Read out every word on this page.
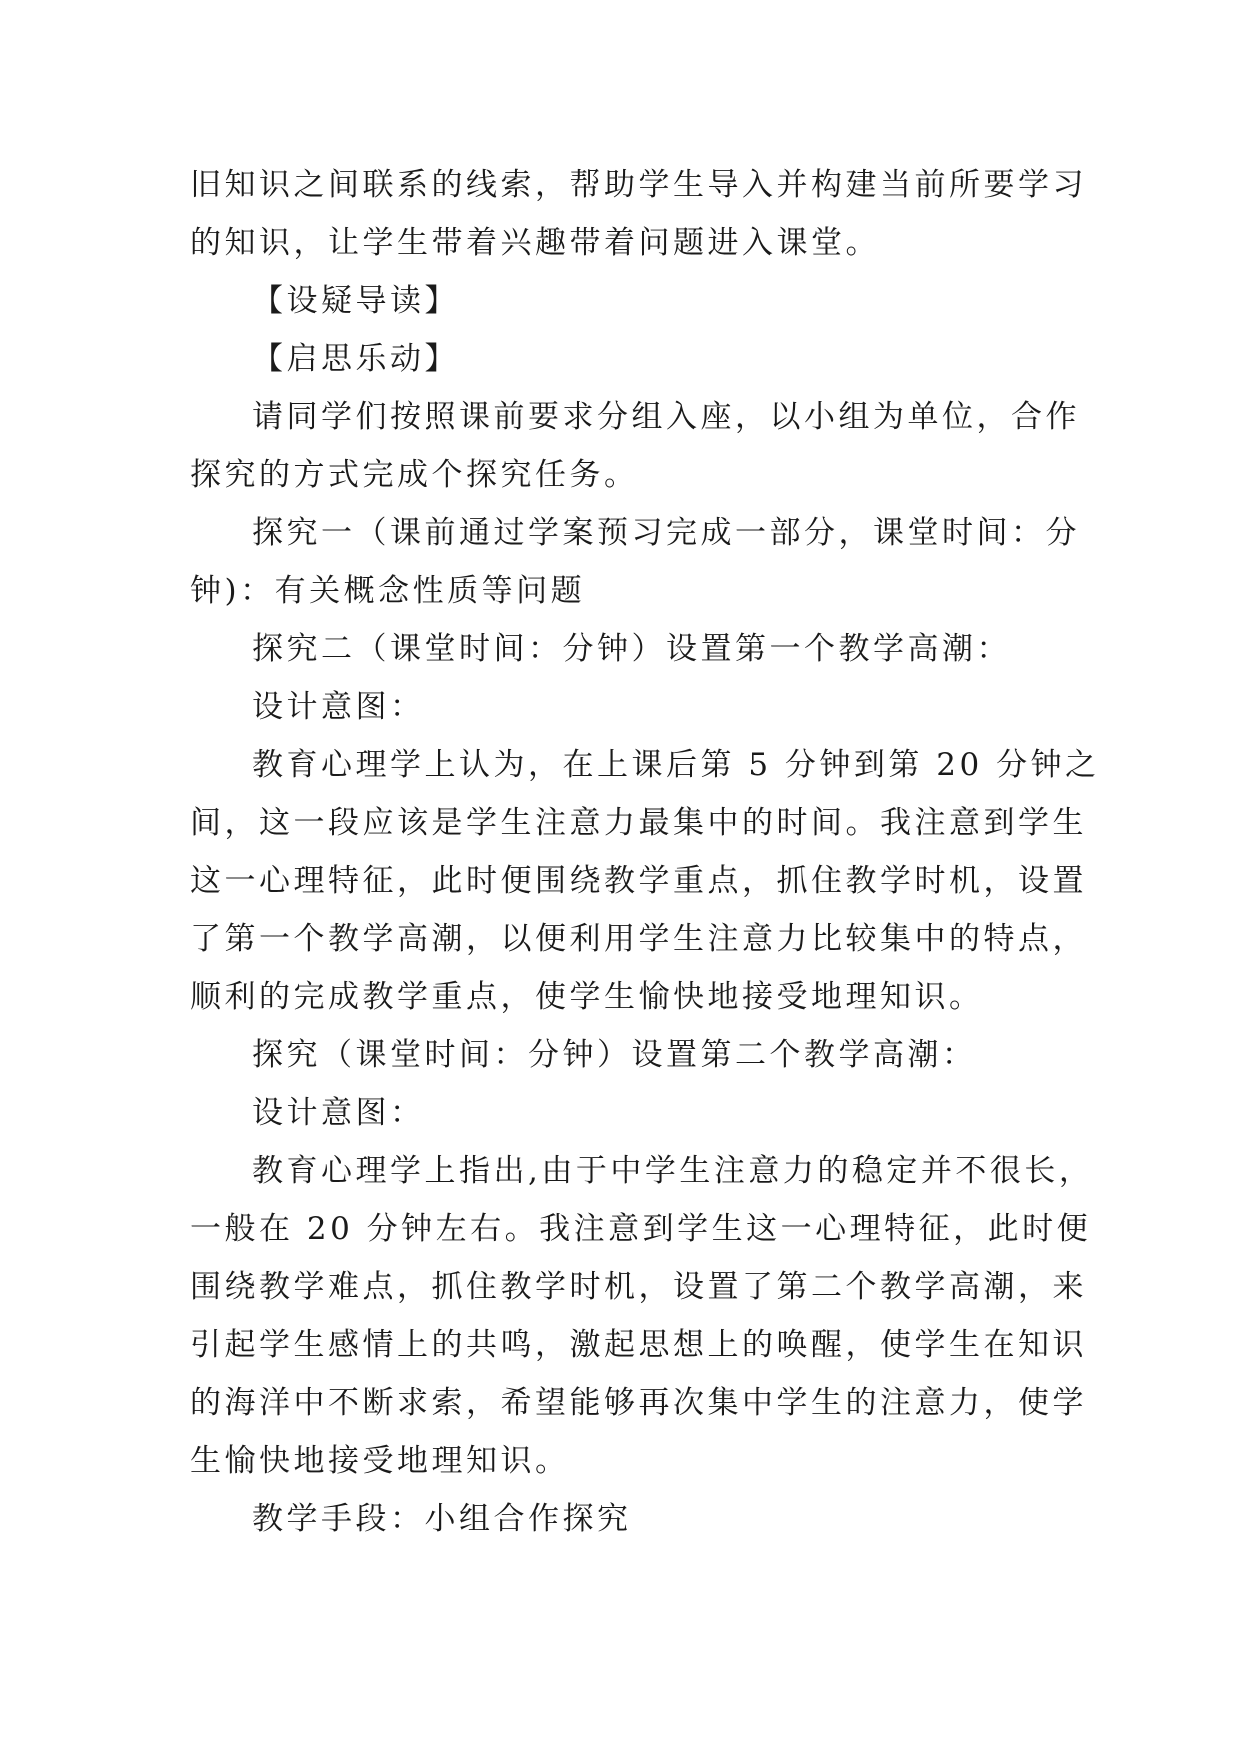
旧知识之间联系的线索，帮助学生导入并构建当前所要学习
的知识，让学生带着兴趣带着问题进入课堂。
【设疑导读】
【启思乐动】
请同学们按照课前要求分组入座，以小组为单位，合作
探究的方式完成个探究任务。
探究一（课前通过学案预习完成一部分，课堂时间：分
钟)：有关概念性质等问题
探究二（课堂时间：分钟）设置第一个教学高潮：
设计意图：
教育心理学上认为，在上课后第 5 分钟到第 20 分钟之
间，这一段应该是学生注意力最集中的时间。我注意到学生
这一心理特征，此时便围绕教学重点，抓住教学时机，设置
了第一个教学高潮，以便利用学生注意力比较集中的特点，
顺利的完成教学重点，使学生愉快地接受地理知识。
探究（课堂时间：分钟）设置第二个教学高潮：
设计意图：
教育心理学上指出,由于中学生注意力的稳定并不很长，
一般在 20 分钟左右。我注意到学生这一心理特征，此时便
围绕教学难点，抓住教学时机，设置了第二个教学高潮，来
引起学生感情上的共鸣，激起思想上的唤醒，使学生在知识
的海洋中不断求索，希望能够再次集中学生的注意力，使学
生愉快地接受地理知识。
教学手段：小组合作探究
